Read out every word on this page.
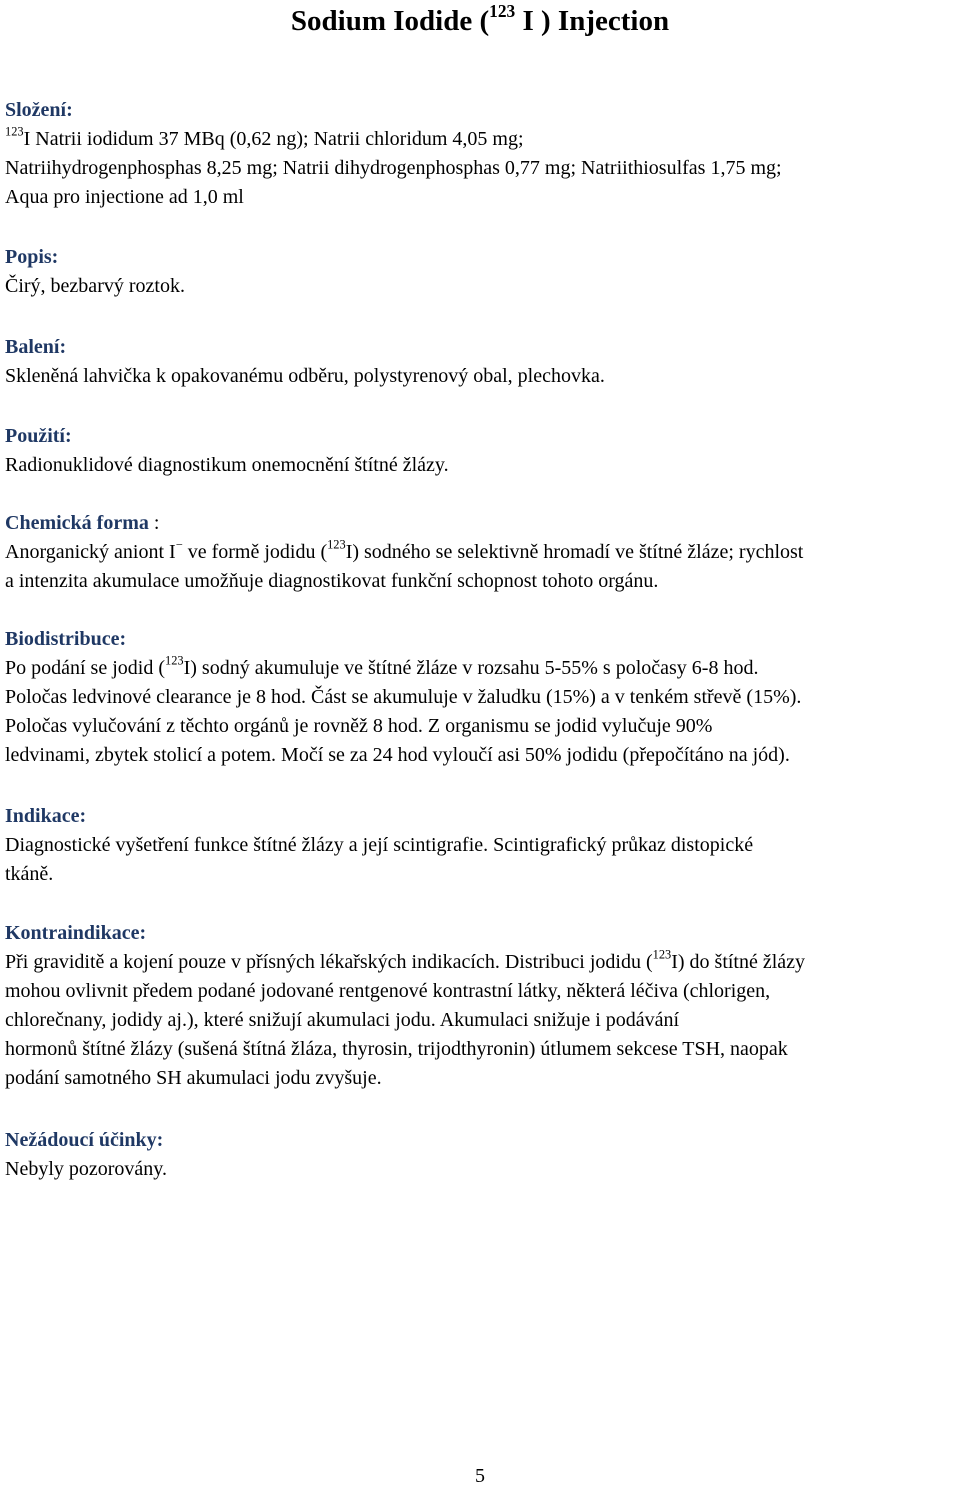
Sodium Iodide ($^{123}$ I ) Injection
Složení:
$^{123}$I Natrii iodidum 37 MBq (0,62 ng); Natrii chloridum 4,05 mg;
Natriihydrogenphosphas 8,25 mg; Natrii dihydrogenphosphas 0,77 mg; Natriithiosulfas 1,75 mg;
Aqua pro injectione ad 1,0 ml
Popis:
Čirý, bezbarvý roztok.
Balení:
Skleněná lahvička k opakovanému odběru, polystyrenový obal, plechovka.
Použití:
Radionuklidové diagnostikum onemocnění štítné žlázy.
Chemická forma :
Anorganický aniont I− ve formě jodidu ($^{123}$I) sodného se selektivně hromadí ve štítné žláze; rychlost
a intenzita akumulace umožňuje diagnostikovat funkční schopnost tohoto orgánu.
Biodistribuce:
Po podání se jodid ($^{123}$I) sodný akumuluje ve štítné žláze v rozsahu 5-55% s poločasy 6-8 hod.
Poločas ledvinové clearance je 8 hod. Část se akumuluje v žaludku (15%) a v tenkém střevě (15%).
Poločas vylučování z těchto orgánů je rovněž 8 hod. Z organismu se jodid vylučuje 90%
ledvinami, zbytek stolicí a potem. Močí se za 24 hod vyloučí asi 50% jodidu (přepočítáno na jód).
Indikace:
Diagnostické vyšetření funkce štítné žlázy a její scintigrafie. Scintigrafický průkaz distopické
tkáně.
Kontraindikace:
Při graviditě a kojení pouze v přísných lékařských indikacích. Distribuci jodidu ($^{123}$I) do štítné žlázy
mohou ovlivnit předem podané jodované rentgenové kontrastní látky, některá léčiva (chlorigen,
chlorečnany, jodidy aj.), které snižují akumulaci jodu. Akumulaci snižuje i podávání
hormonů štítné žlázy (sušená štítná žláza, thyrosin, trijodthyronin) útlumem sekcese TSH, naopak
podání samotného SH akumulaci jodu zvyšuje.
Nežádoucí účinky:
Nebyly pozorovány.
5
